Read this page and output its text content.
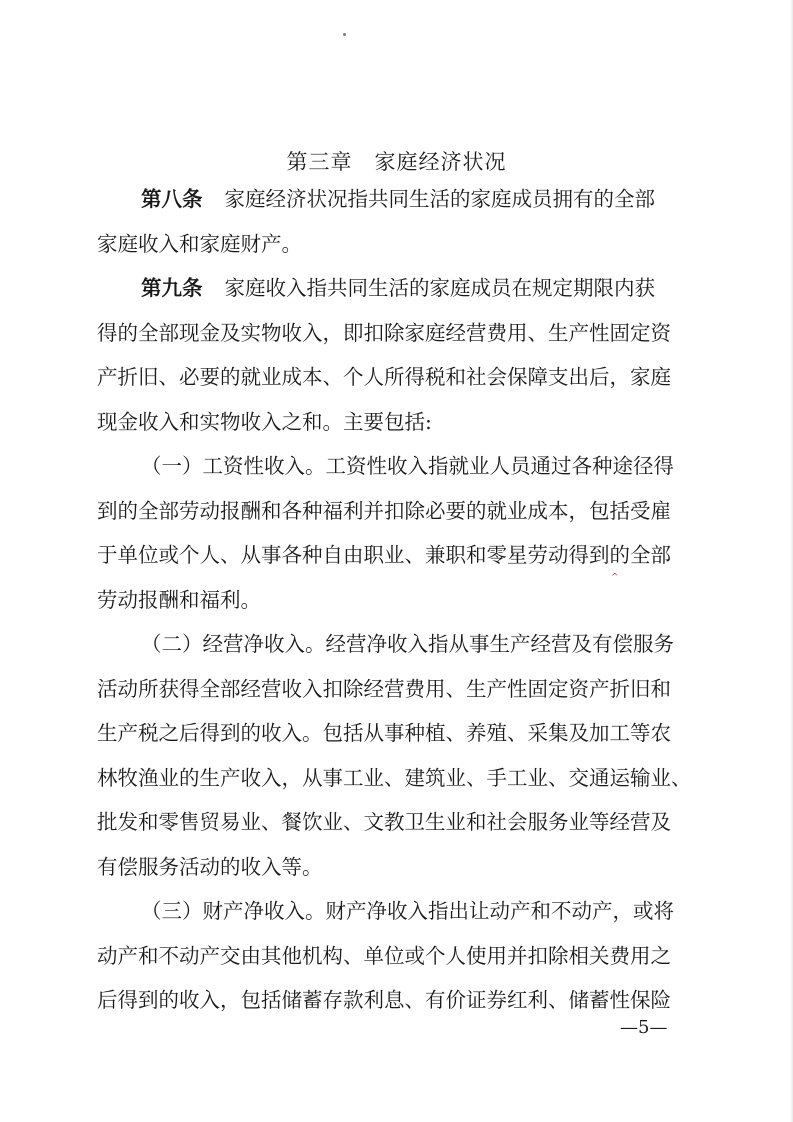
第三章　家庭经济状况
第八条 家庭经济状况指共同生活的家庭成员拥有的全部
家庭收入和家庭财产。
第九条 家庭收入指共同生活的家庭成员在规定期限内获
得的全部现金及实物收入，即扣除家庭经营费用、生产性固定资
产折旧、必要的就业成本、个人所得税和社会保障支出后，家庭
现金收入和实物收入之和。主要包括:
（一）工资性收入。工资性收入指就业人员通过各种途径得
到的全部劳动报酬和各种福利并扣除必要的就业成本，包括受雇
于单位或个人、从事各种自由职业、兼职和零星劳动得到的全部
劳动报酬和福利。
^
（二）经营净收入。经营净收入指从事生产经营及有偿服务
活动所获得全部经营收入扣除经营费用、生产性固定资产折旧和
生产税之后得到的收入。包括从事种植、养殖、采集及加工等农
林牧渔业的生产收入，从事工业、建筑业、手工业、交通运输业、
批发和零售贸易业、餐饮业、文教卫生业和社会服务业等经营及
有偿服务活动的收入等。
（三）财产净收入。财产净收入指出让动产和不动产，或将
动产和不动产交由其他机构、单位或个人使用并扣除相关费用之
后得到的收入，包括储蓄存款利息、有价证券红利、储蓄性保险
—5—
